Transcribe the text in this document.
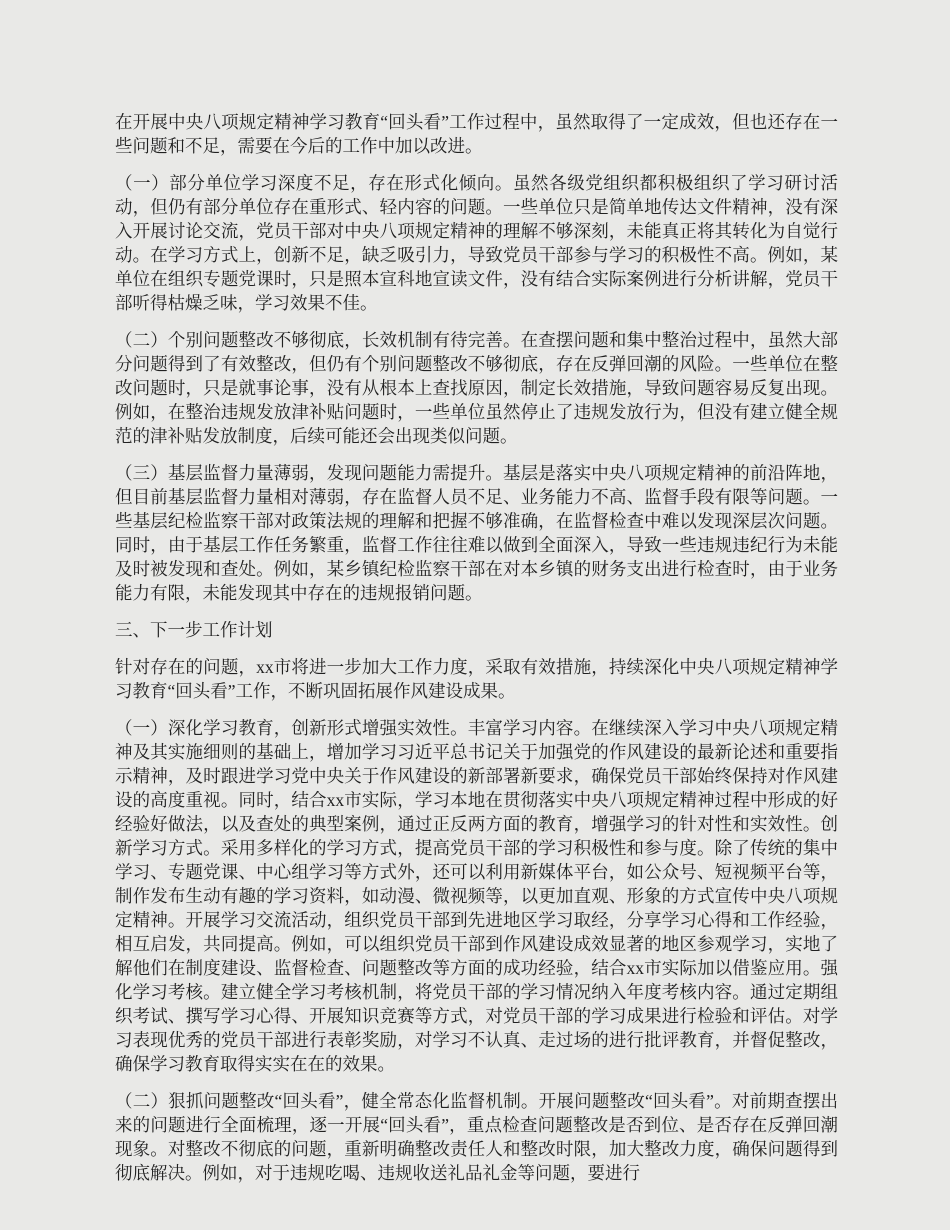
在开展中央八项规定精神学习教育“回头看”工作过程中，虽然取得了一定成效，但也还存在一些问题和不足，需要在今后的工作中加以改进。

（一）部分单位学习深度不足，存在形式化倾向。虽然各级党组织都积极组织了学习研讨活动，但仍有部分单位存在重形式、轻内容的问题。一些单位只是简单地传达文件精神，没有深入开展讨论交流，党员干部对中央八项规定精神的理解不够深刻，未能真正将其转化为自觉行动。在学习方式上，创新不足，缺乏吸引力，导致党员干部参与学习的积极性不高。例如，某单位在组织专题党课时，只是照本宣科地宣读文件，没有结合实际案例进行分析讲解，党员干部听得枯燥乏味，学习效果不佳。

（二）个别问题整改不够彻底，长效机制有待完善。在查摆问题和集中整治过程中，虽然大部分问题得到了有效整改，但仍有个别问题整改不够彻底，存在反弹回潮的风险。一些单位在整改问题时，只是就事论事，没有从根本上查找原因，制定长效措施，导致问题容易反复出现。例如，在整治违规发放津补贴问题时，一些单位虽然停止了违规发放行为，但没有建立健全规范的津补贴发放制度，后续可能还会出现类似问题。

（三）基层监督力量薄弱，发现问题能力需提升。基层是落实中央八项规定精神的前沿阵地，但目前基层监督力量相对薄弱，存在监督人员不足、业务能力不高、监督手段有限等问题。一些基层纪检监察干部对政策法规的理解和把握不够准确，在监督检查中难以发现深层次问题。同时，由于基层工作任务繁重，监督工作往往难以做到全面深入，导致一些违规违纪行为未能及时被发现和查处。例如，某乡镇纪检监察干部在对本乡镇的财务支出进行检查时，由于业务能力有限，未能发现其中存在的违规报销问题。

三、下一步工作计划

针对存在的问题，xx市将进一步加大工作力度，采取有效措施，持续深化中央八项规定精神学习教育“回头看”工作，不断巩固拓展作风建设成果。

（一）深化学习教育，创新形式增强实效性。丰富学习内容。在继续深入学习中央八项规定精神及其实施细则的基础上，增加学习习近平总书记关于加强党的作风建设的最新论述和重要指示精神，及时跟进学习党中央关于作风建设的新部署新要求，确保党员干部始终保持对作风建设的高度重视。同时，结合xx市实际，学习本地在贯彻落实中央八项规定精神过程中形成的好经验好做法，以及查处的典型案例，通过正反两方面的教育，增强学习的针对性和实效性。创新学习方式。采用多样化的学习方式，提高党员干部的学习积极性和参与度。除了传统的集中学习、专题党课、中心组学习等方式外，还可以利用新媒体平台，如公众号、短视频平台等，制作发布生动有趣的学习资料，如动漫、微视频等，以更加直观、形象的方式宣传中央八项规定精神。开展学习交流活动，组织党员干部到先进地区学习取经，分享学习心得和工作经验，相互启发，共同提高。例如，可以组织党员干部到作风建设成效显著的地区参观学习，实地了解他们在制度建设、监督检查、问题整改等方面的成功经验，结合xx市实际加以借鉴应用。强化学习考核。建立健全学习考核机制，将党员干部的学习情况纳入年度考核内容。通过定期组织考试、撰写学习心得、开展知识竞赛等方式，对党员干部的学习成果进行检验和评估。对学习表现优秀的党员干部进行表彰奖励，对学习不认真、走过场的进行批评教育，并督促整改，确保学习教育取得实实在在的效果。

（二）狠抓问题整改“回头看”，健全常态化监督机制。开展问题整改“回头看”。对前期查摆出来的问题进行全面梳理，逐一开展“回头看”，重点检查问题整改是否到位、是否存在反弹回潮现象。对整改不彻底的问题，重新明确整改责任人和整改时限，加大整改力度，确保问题得到彻底解决。例如，对于违规吃喝、违规收送礼品礼金等问题，要进行
